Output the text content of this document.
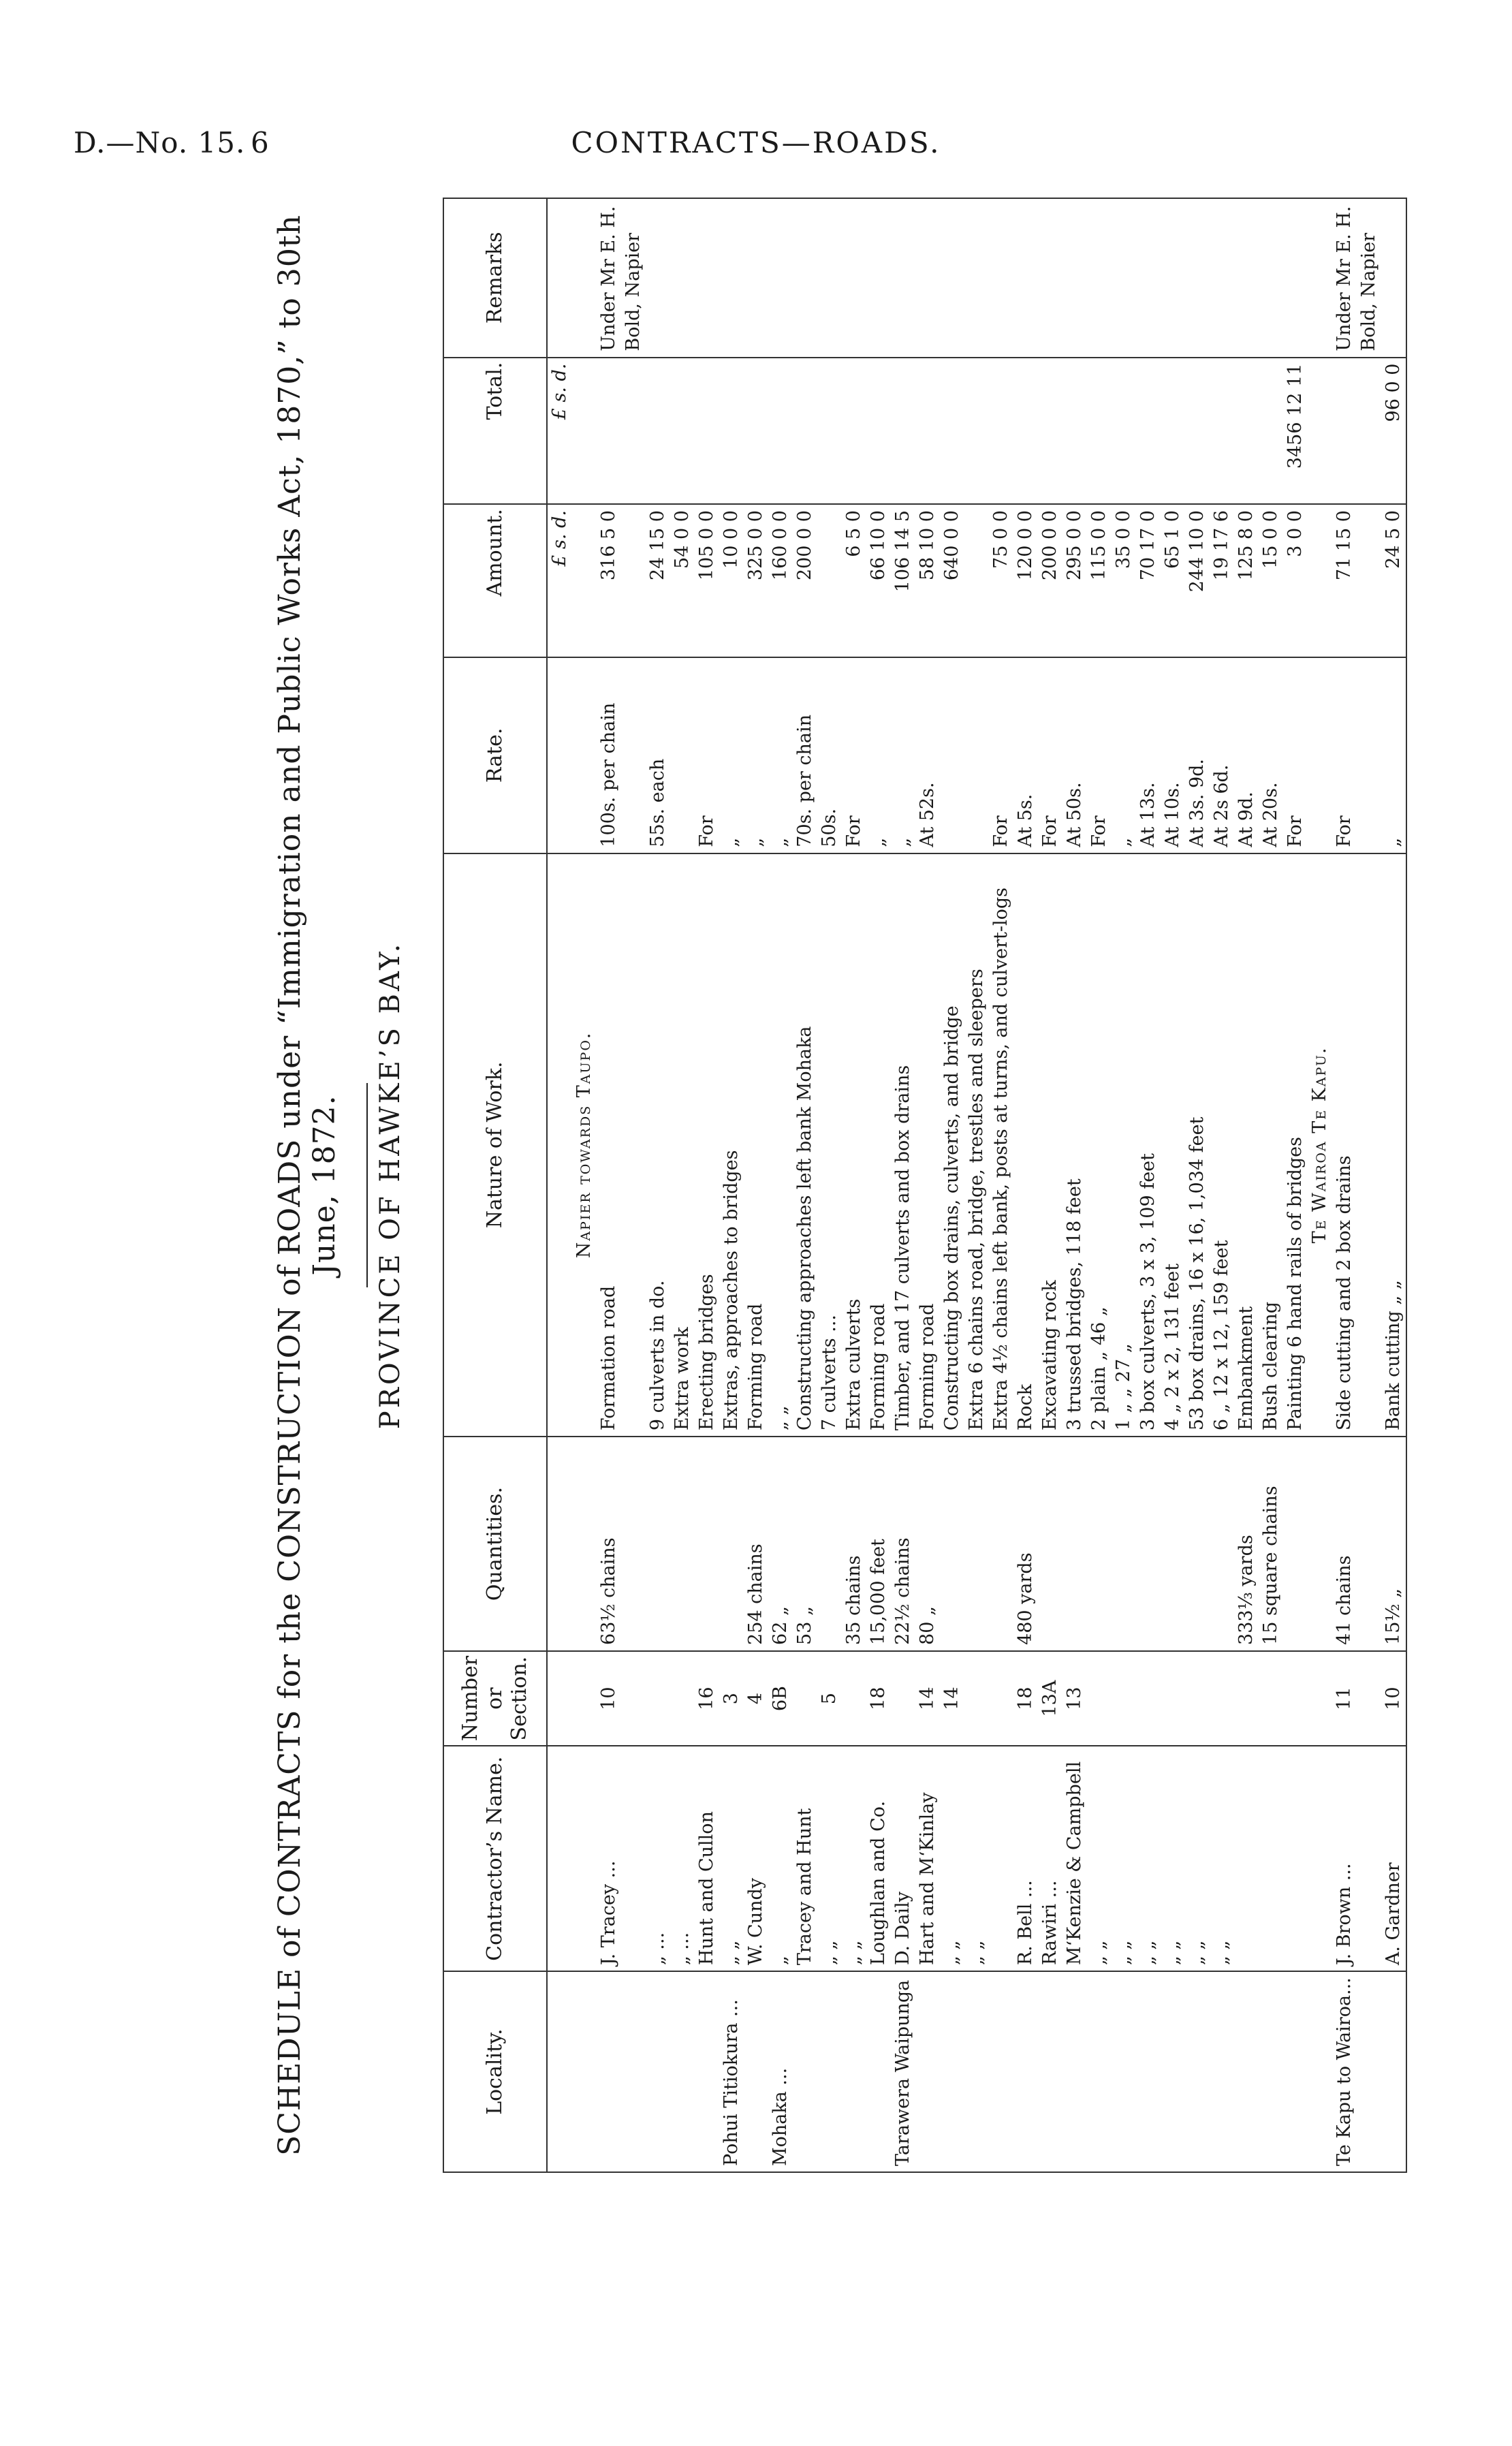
D.—No. 15. 6	CONTRACTS—ROADS.
SCHEDULE of CONTRACTS for the CONSTRUCTION of ROADS under “Immigration and Public Works Act, 1870,” to 30th June, 1872. PROVINCE OF HAWKE’S BAY.
Locality.	Contractor’s Name.	Number or Section.	Quantities.	Nature of Work.	Rate.	Amount.	Total.	Remarks
						£ s. d.	£ s. d.	
				Napier towards Taupo.				
	J. Tracey ...	10	63½ chains	Formation road	100s. per chain	316 5 0		Under Mr E. H. Bold, Napier
	„ ...			9 culverts in do.	55s. each	24 15 0		
	„ ...			Extra work		54 0 0		
	Hunt and Cullon	16		Erecting bridges	For	105 0 0		
Pohui Titiokura ...	„ „	3		Extras, approaches to bridges	„	10 0 0		
	W. Cundy	4	254 chains	Forming road	„	325 0 0		
Mohaka ...	„	6B	62 „	„ „	„	160 0 0		
	Tracey and Hunt		53 „	Constructing approaches left bank Mohaka	70s. per chain	200 0 0		
	„ „	5		7 culverts ...	50s.			
	„ „		35 chains	Extra culverts	For	6 5 0		
	Loughlan and Co.	18	15,000 feet	Forming road	„	66 10 0		
Tarawera Waipunga	D. Daily		22½ chains	Timber, and 17 culverts and box drains	„	106 14 5		
	Hart and M‘Kinlay	14	80 „	Forming road	At 52s.	58 10 0		
	„ „	14		Constructing box drains, culverts, and bridge		640 0 0		
	„ „			Extra 6 chains road, bridge, trestles and sleepers				
				Extra 4½ chains left bank, posts at turns, and culvert-logs	For	75 0 0		
	R. Bell ...	18	480 yards	Rock	At 5s.	120 0 0		
	Rawiri ...	13A		Excavating rock	For	200 0 0		
	M‘Kenzie & Campbell	13		3 trussed bridges, 118 feet	At 50s.	295 0 0		
	„ „			2 plain „ 46 „	For	115 0 0		
	„ „			1 „ „ 27 „	„	35 0 0		
	„ „			3 box culverts, 3 x 3, 109 feet	At 13s.	70 17 0		
	„ „			4 „ 2 x 2, 131 feet	At 10s.	65 1 0		
	„ „			53 box drains, 16 x 16, 1,034 feet	At 3s. 9d.	244 10 0		
	„ „			6 „ 12 x 12, 159 feet	At 2s 6d.	19 17 6		
			333⅓ yards	Embankment	At 9d.	125 8 0		
			15 square chains	Bush clearing	At 20s.	15 0 0		
				Painting 6 hand rails of bridges	For	3 0 0	3456 12 11	
				Te Wairoa Te Kapu.				
Te Kapu to Wairoa...	J. Brown ...	11	41 chains	Side cutting and 2 box drains	For	71 15 0		Under Mr E. H. Bold, Napier
	A. Gardner	10	15½ „	Bank cutting „ „	„	24 5 0	96 0 0	
